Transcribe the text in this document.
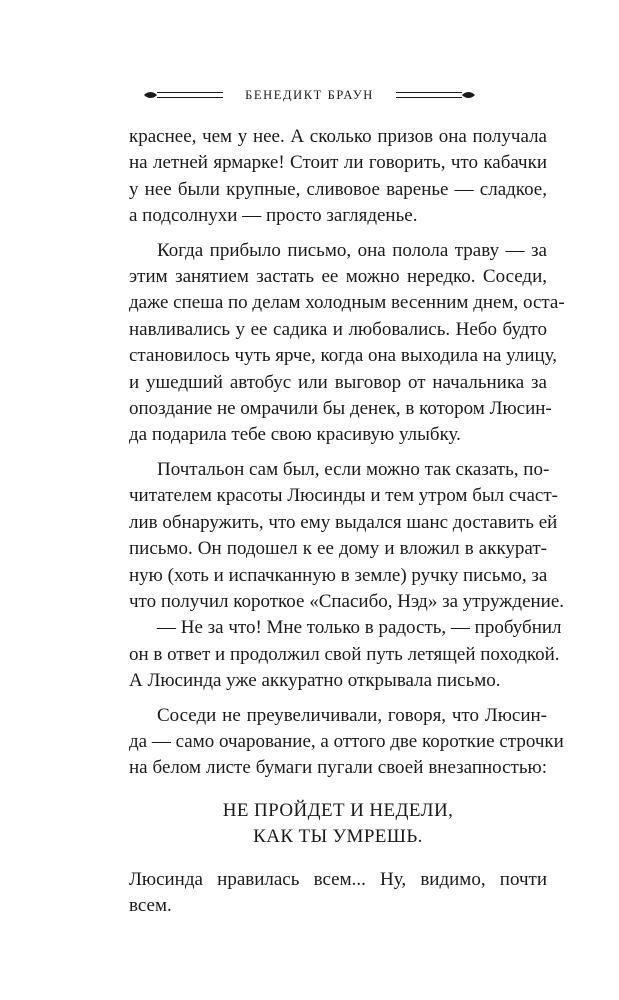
БЕНЕДИКТ БРАУН

краснее, чем у нее. А сколько призов она получала
на летней ярмарке! Стоит ли говорить, что кабачки
у нее были крупные, сливовое варенье — сладкое,
а подсолнухи — просто загляденье.

Когда прибыло письмо, она полола траву — за
этим занятием застать ее можно нередко. Соседи,
даже спеша по делам холодным весенним днем, оста-
навливались у ее садика и любовались. Небо будто
становилось чуть ярче, когда она выходила на улицу,
и ушедший автобус или выговор от начальника за
опоздание не омрачили бы денек, в котором Люсин-
да подарила тебе свою красивую улыбку.

Почтальон сам был, если можно так сказать, по-
читателем красоты Люсинды и тем утром был счаст-
лив обнаружить, что ему выдался шанс доставить ей
письмо. Он подошел к ее дому и вложил в аккурат-
ную (хоть и испачканную в земле) ручку письмо, за
что получил короткое «Спасибо, Нэд» за утруждение.

— Не за что! Мне только в радость, — пробубнил
он в ответ и продолжил свой путь летящей походкой.
А Люсинда уже аккуратно открывала письмо.

Соседи не преувеличивали, говоря, что Люсин-
да — само очарование, а оттого две короткие строчки
на белом листе бумаги пугали своей внезапностью:

НЕ ПРОЙДЕТ И НЕДЕЛИ,
КАК ТЫ УМРЕШЬ.

Люсинда нравилась всем... Ну, видимо, почти
всем.
